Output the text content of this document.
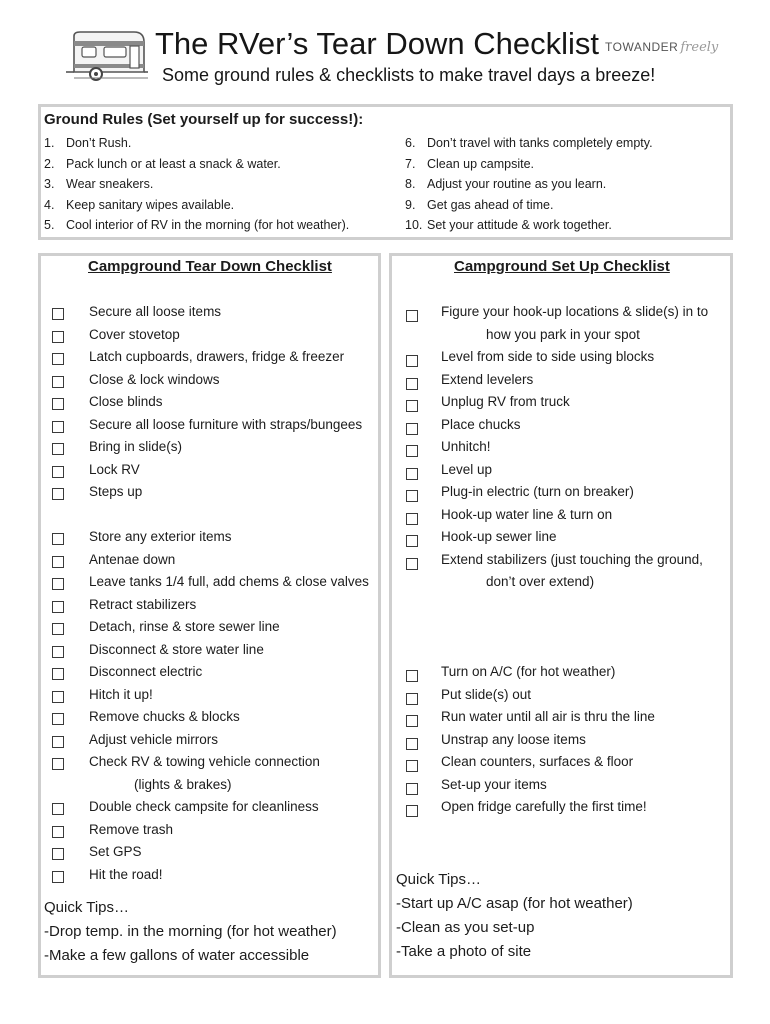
The RVer’s Tear Down Checklist
Some ground rules & checklists to make travel days a breeze!
TOWANDER freely
Ground Rules (Set yourself up for success!):
1. Don’t Rush.
2. Pack lunch or at least a snack & water.
3. Wear sneakers.
4. Keep sanitary wipes available.
5. Cool interior of RV in the morning (for hot weather).
6. Don’t travel with tanks completely empty.
7. Clean up campsite.
8. Adjust your routine as you learn.
9. Get gas ahead of time.
10. Set your attitude & work together.
Campground Tear Down Checklist
Secure all loose items
Cover stovetop
Latch cupboards, drawers, fridge & freezer
Close & lock windows
Close blinds
Secure all loose furniture with straps/bungees
Bring in slide(s)
Lock RV
Steps up
Store any exterior items
Antenae down
Leave tanks 1/4 full, add chems & close valves
Retract stabilizers
Detach, rinse & store sewer line
Disconnect & store water line
Disconnect electric
Hitch it up!
Remove chucks & blocks
Adjust vehicle mirrors
Check RV & towing vehicle connection
(lights & brakes)
Double check campsite for cleanliness
Remove trash
Set GPS
Hit the road!
Quick Tips…
-Drop temp. in the morning (for hot weather)
-Make a few gallons of water accessible
Campground Set Up Checklist
Figure your hook-up locations & slide(s) in to
how you park in your spot
Level from side to side using blocks
Extend levelers
Unplug RV from truck
Place chucks
Unhitch!
Level up
Plug-in electric (turn on breaker)
Hook-up water line & turn on
Hook-up sewer line
Extend stabilizers (just touching the ground,
don’t over extend)
Turn on A/C (for hot weather)
Put slide(s) out
Run water until all air is thru the line
Unstrap any loose items
Clean counters, surfaces & floor
Set-up your items
Open fridge carefully the first time!
Quick Tips…
-Start up A/C asap (for hot weather)
-Clean as you set-up
-Take a photo of site
